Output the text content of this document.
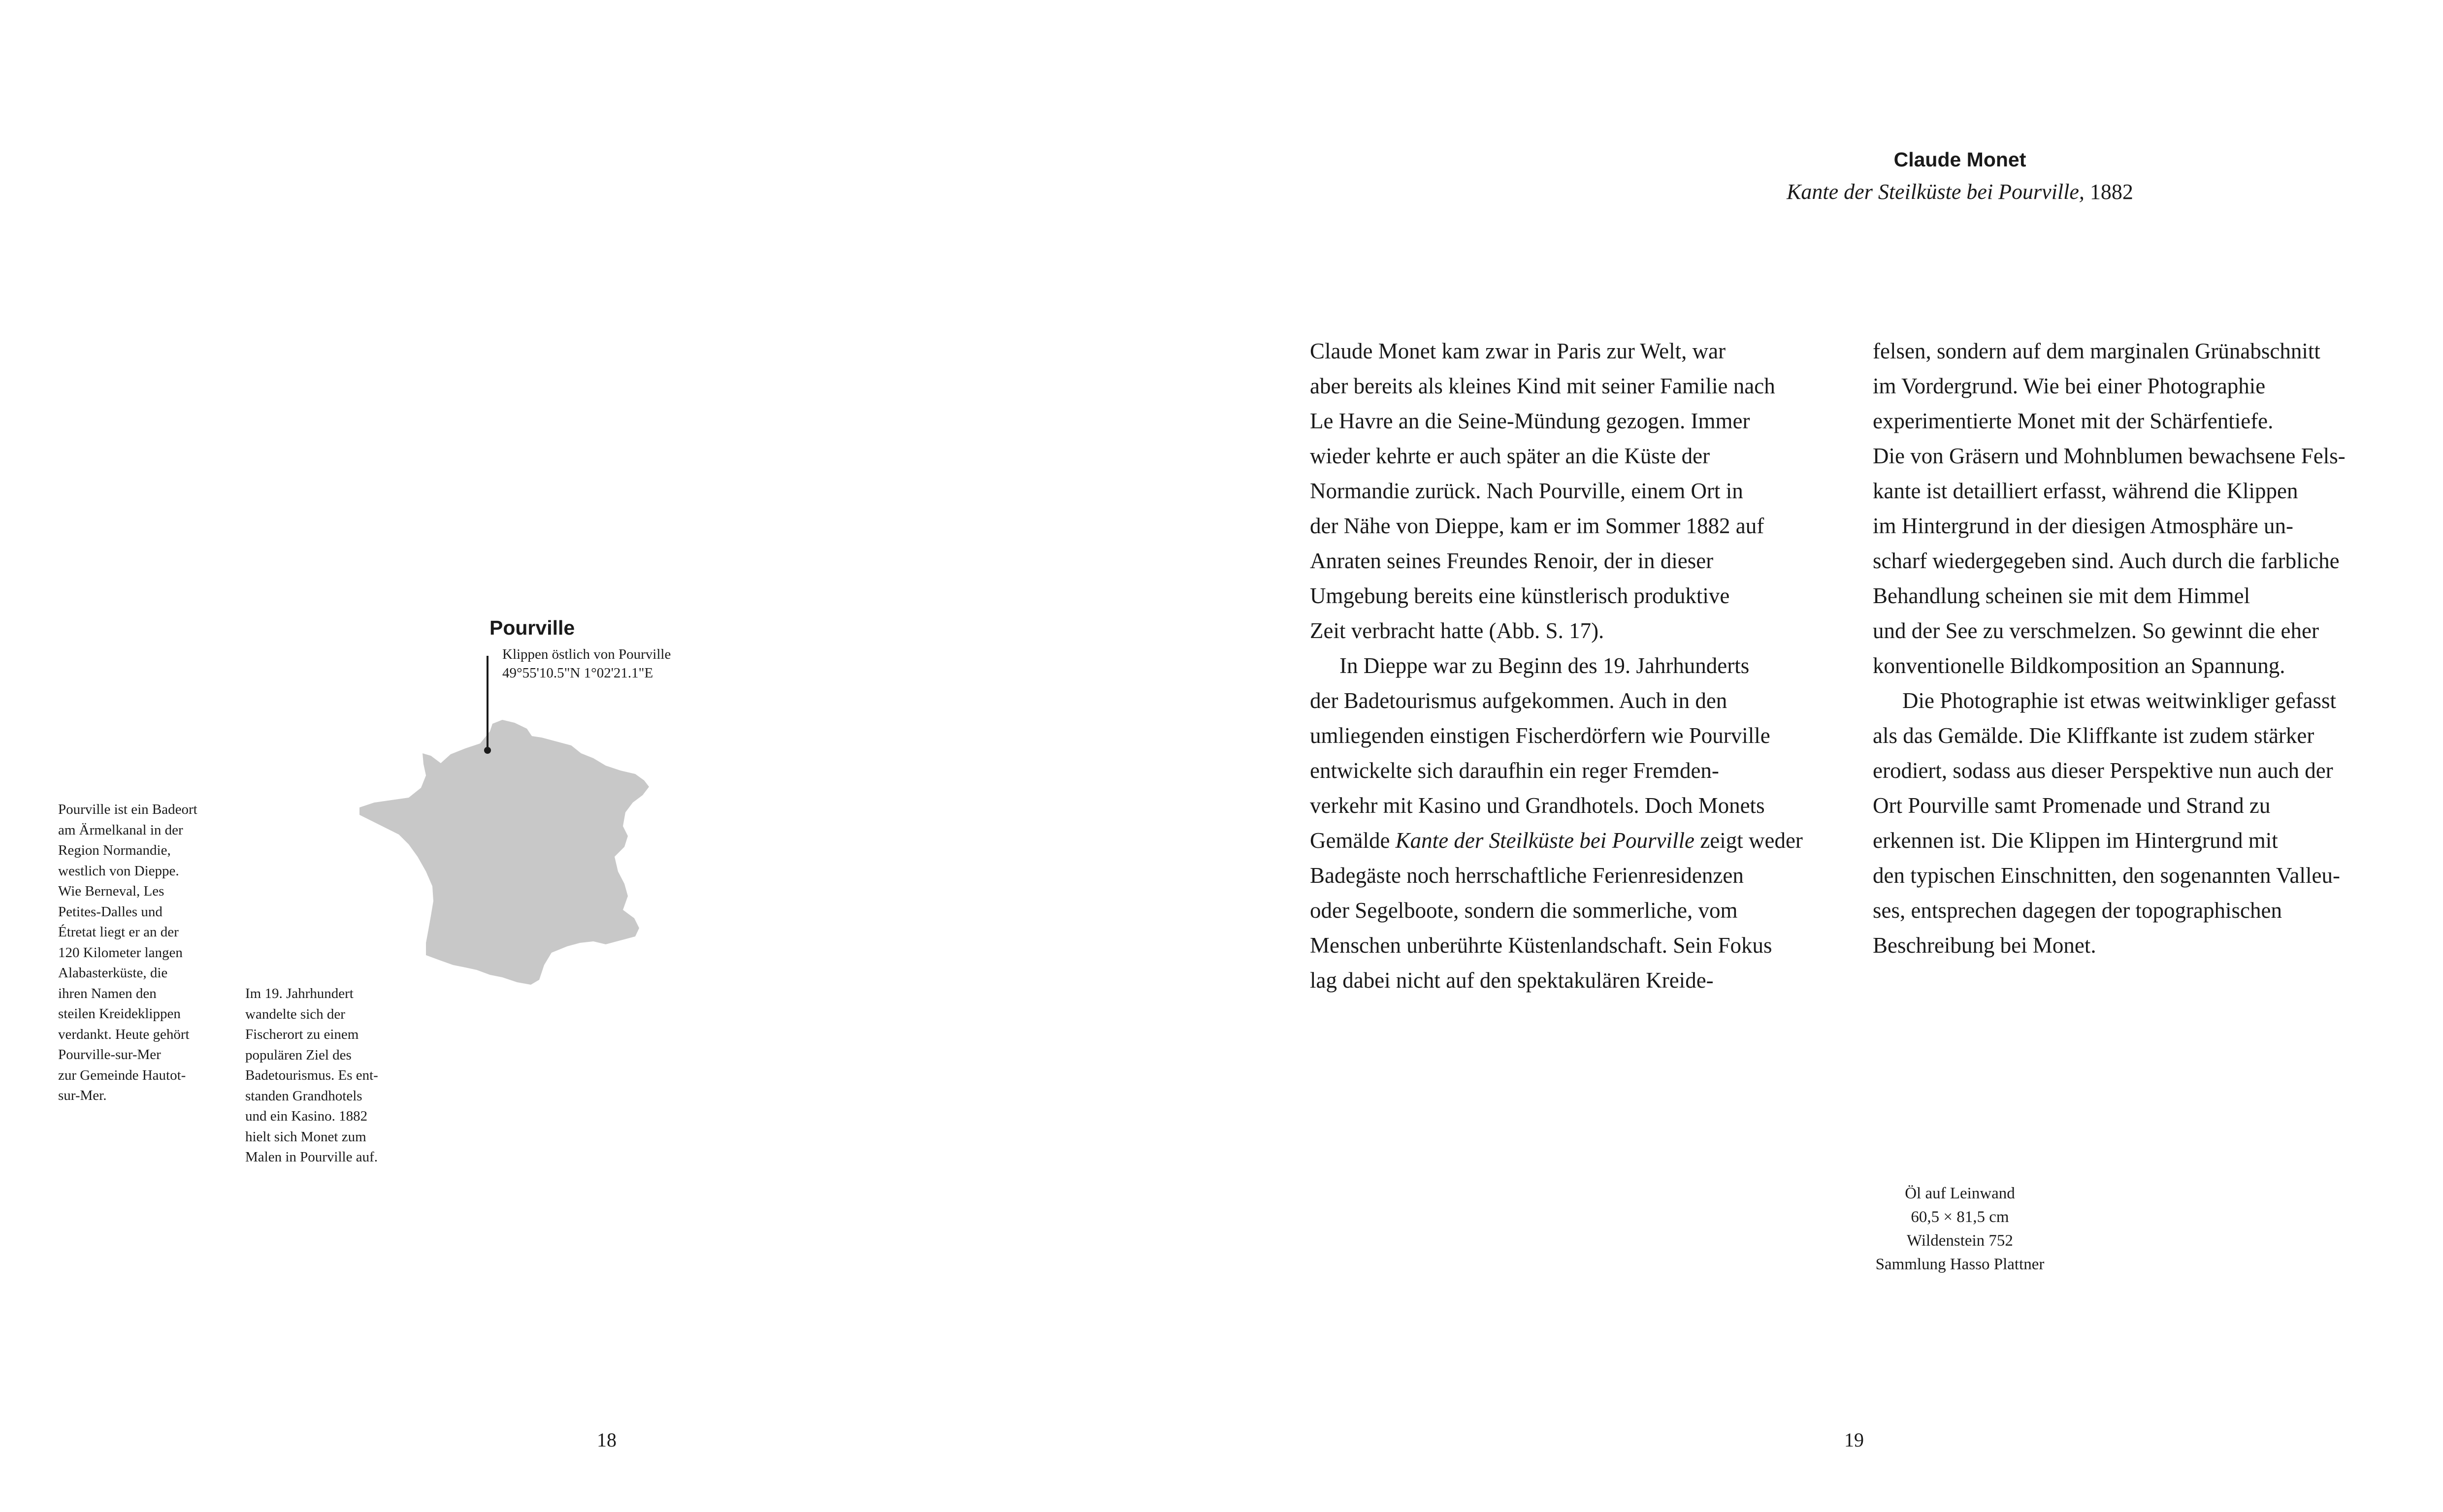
Pourville
Klippen östlich von Pourville
49°55'10.5"N 1°02'21.1"E
Pourville ist ein Badeort
am Ärmelkanal in der
Region Normandie,
westlich von Dieppe.
Wie Berneval, Les
Petites-Dalles und
Étretat liegt er an der
120 Kilometer langen
Alabasterküste, die
ihren Namen den
steilen Kreideklippen
verdankt. Heute gehört
Pourville-sur-Mer
zur Gemeinde Hautot-
sur-Mer.
Im 19. Jahrhundert
wandelte sich der
Fischerort zu einem
populären Ziel des
Badetourismus. Es ent-
standen Grandhotels
und ein Kasino. 1882
hielt sich Monet zum
Malen in Pourville auf.
18
Claude Monet
Kante der Steilküste bei Pourville, 1882
Claude Monet kam zwar in Paris zur Welt, war
aber bereits als kleines Kind mit seiner Familie nach
Le Havre an die Seine-Mündung gezogen. Immer
wieder kehrte er auch später an die Küste der
Normandie zurück. Nach Pourville, einem Ort in
der Nähe von Dieppe, kam er im Sommer 1882 auf
Anraten seines Freundes Renoir, der in dieser
Umgebung bereits eine künstlerisch produktive
Zeit verbracht hatte (Abb. S. 17).
In Dieppe war zu Beginn des 19. Jahrhunderts
der Badetourismus aufgekommen. Auch in den
umliegenden einstigen Fischerdörfern wie Pourville
entwickelte sich daraufhin ein reger Fremden-
verkehr mit Kasino und Grandhotels. Doch Monets
Gemälde Kante der Steilküste bei Pourville zeigt weder
Badegäste noch herrschaftliche Ferienresidenzen
oder Segelboote, sondern die sommerliche, vom
Menschen unberührte Küstenlandschaft. Sein Fokus
lag dabei nicht auf den spektakulären Kreide-
felsen, sondern auf dem marginalen Grünabschnitt
im Vordergrund. Wie bei einer Photographie
experimentierte Monet mit der Schärfentiefe.
Die von Gräsern und Mohnblumen bewachsene Fels-
kante ist detailliert erfasst, während die Klippen
im Hintergrund in der diesigen Atmosphäre un-
scharf wiedergegeben sind. Auch durch die farbliche
Behandlung scheinen sie mit dem Himmel
und der See zu verschmelzen. So gewinnt die eher
konventionelle Bildkomposition an Spannung.
Die Photographie ist etwas weitwinkliger gefasst
als das Gemälde. Die Kliffkante ist zudem stärker
erodiert, sodass aus dieser Perspektive nun auch der
Ort Pourville samt Promenade und Strand zu
erkennen ist. Die Klippen im Hintergrund mit
den typischen Einschnitten, den sogenannten Valleu-
ses, entsprechen dagegen der topographischen
Beschreibung bei Monet.
Öl auf Leinwand
60,5 × 81,5 cm
Wildenstein 752
Sammlung Hasso Plattner
19
